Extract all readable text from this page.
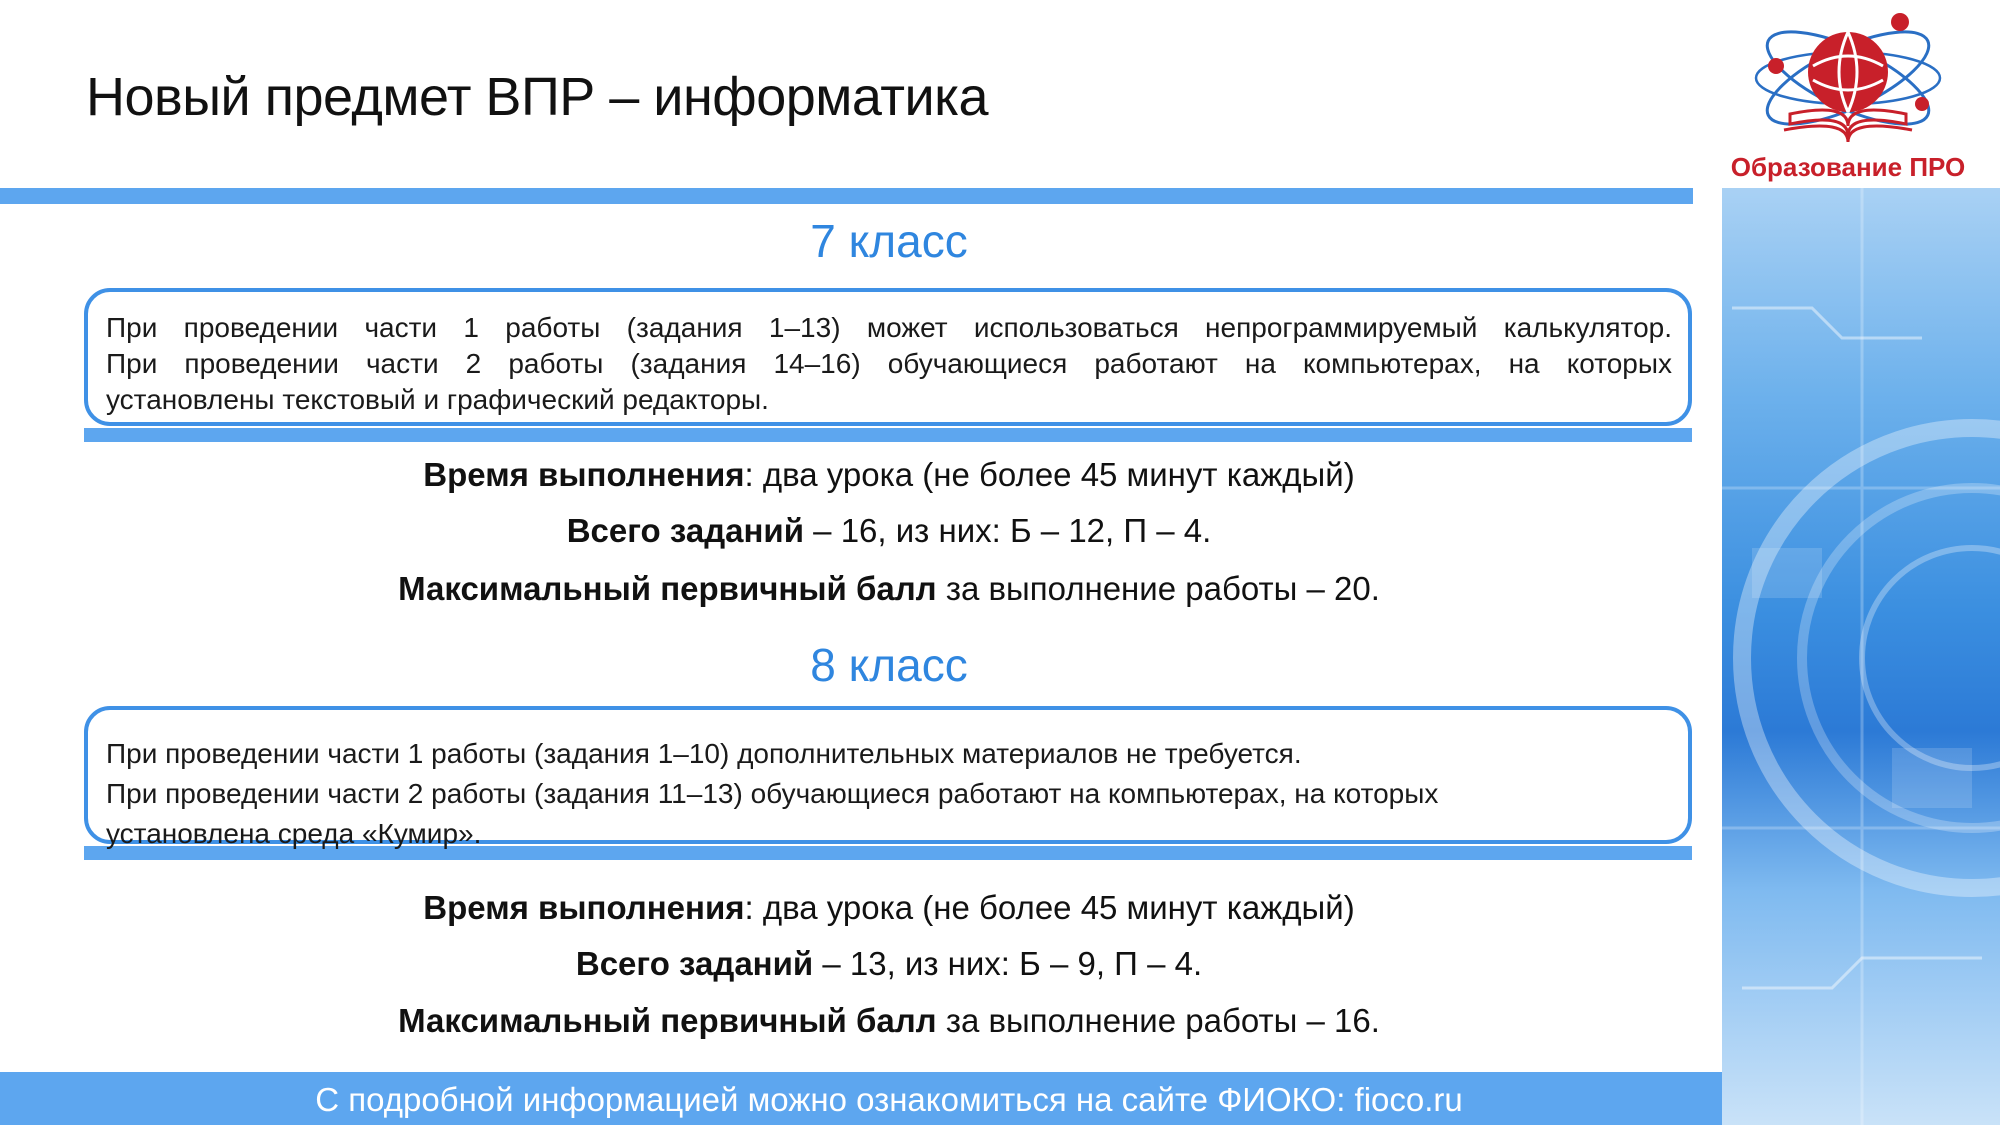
Новый предмет ВПР – информатика
Образование ПРО
7 класс
При проведении части 1 работы (задания 1–13) может использоваться непрограммируемый калькулятор.
При проведении части 2 работы (задания 14–16) обучающиеся работают на компьютерах, на которых
установлены текстовый и графический редакторы.
Время выполнения: два урока (не более 45 минут каждый)
Всего заданий – 16, из них: Б – 12, П – 4.
Максимальный первичный балл за выполнение работы – 20.
8 класс
При проведении части 1 работы (задания 1–10) дополнительных материалов не требуется.
При проведении части 2 работы (задания 11–13) обучающиеся работают на компьютерах, на которых
установлена среда «Кумир».
Время выполнения: два урока (не более 45 минут каждый)
Всего заданий – 13, из них: Б – 9, П – 4.
Максимальный первичный балл за выполнение работы – 16.
С подробной информацией можно ознакомиться на сайте ФИОКО: fioco.ru
